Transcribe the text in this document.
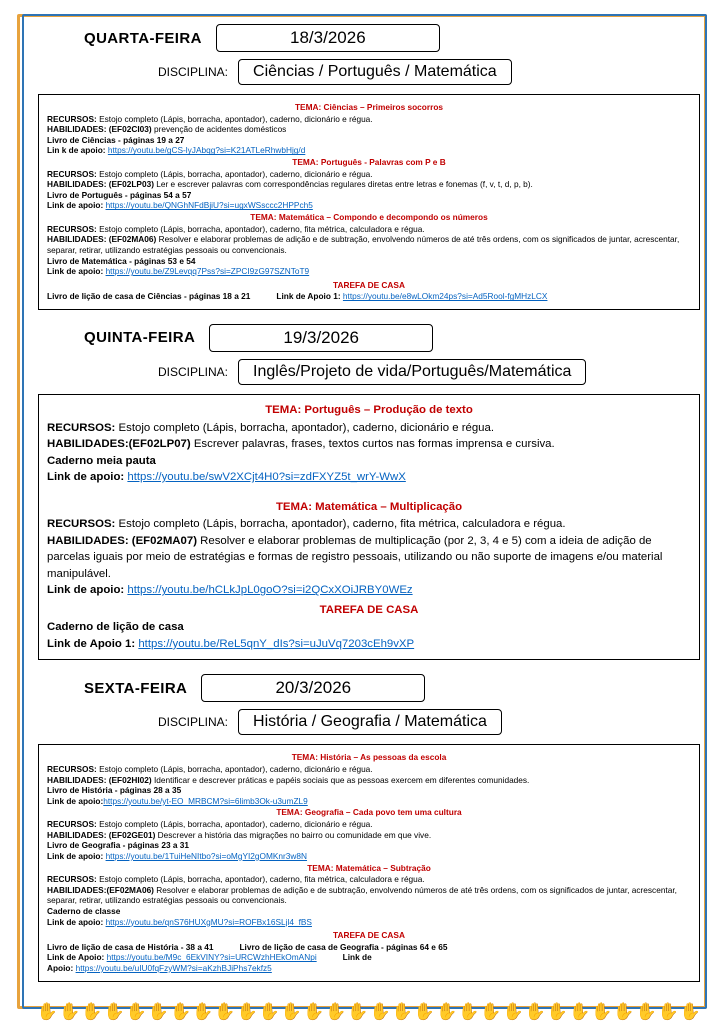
QUARTA-FEIRA	18/3/2026
DISCIPLINA:	Ciências / Português / Matemática
TEMA: Ciências – Primeiros socorros

RECURSOS: Estojo completo (Lápis, borracha, apontador), caderno, dicionário e régua.

HABILIDADES: (EF02CI03) prevenção de acidentes domésticos

Livro de Ciências - páginas 19 a 27

Lin k de apoio: https://youtu.be/gCS-lyJAbqg?si=K21ATLeRhwbHjg/d

TEMA: Português - Palavras com P e B

RECURSOS: Estojo completo (Lápis, borracha, apontador), caderno, dicionário e régua.

HABILIDADES: (EF02LP03) Ler e escrever palavras com correspondências regulares diretas entre letras e fonemas (f, v, t, d, p, b).

Livro de Português - páginas 54 a 57

Link de apoio: https://youtu.be/QNGhNFdBjiU?si=ugxWSsccc2HPPch5

TEMA: Matemática – Compondo e decompondo os números

RECURSOS: Estojo completo (Lápis, borracha, apontador), caderno, fita métrica, calculadora e régua.

HABILIDADES: (EF02MA06) Resolver e elaborar problemas de adição e de subtração, envolvendo números de até três ordens, com os significados de juntar, acrescentar, separar, retirar, utilizando estratégias pessoais ou convencionais.

Livro de Matemática - páginas 53 e 54

Link de apoio: https://youtu.be/Z9Levqq7Pss?si=ZPCI9zG97SZNToT9

TAREFA DE CASA

Livro de lição de casa de Ciências - páginas 18 a 21	Link de Apoio 1: https://youtu.be/e8wLOkm24ps?si=Ad5Rool-fgMHzLCX

QUINTA-FEIRA	19/3/2026
DISCIPLINA:	Inglês/Projeto de vida/Português/Matemática
TEMA: Português – Produção de texto

RECURSOS: Estojo completo (Lápis, borracha, apontador), caderno, dicionário e régua.

HABILIDADES:(EF02LP07) Escrever palavras, frases, textos curtos nas formas imprensa e cursiva.

Caderno meia pauta

Link de apoio: https://youtu.be/swV2XCjt4H0?si=zdFXYZ5t_wrY-WwX

TEMA: Matemática – Multiplicação

RECURSOS: Estojo completo (Lápis, borracha, apontador), caderno, fita métrica, calculadora e régua.

HABILIDADES: (EF02MA07) Resolver e elaborar problemas de multiplicação (por 2, 3, 4 e 5) com a ideia de adição de parcelas iguais por meio de estratégias e formas de registro pessoais, utilizando ou não suporte de imagens e/ou material manipulável.

Link de apoio: https://youtu.be/hCLkJpL0goO?si=i2QCxXOiJRBY0WEz

TAREFA DE CASA

Caderno de lição de casa

Link de Apoio 1: https://youtu.be/ReL5qnY_dIs?si=uJuVq7203cEh9vXP

SEXTA-FEIRA	20/3/2026
DISCIPLINA:	História / Geografia / Matemática
TEMA: História – As pessoas da escola

RECURSOS: Estojo completo (Lápis, borracha, apontador), caderno, dicionário e régua.

HABILIDADES: (EF02HI02) Identificar e descrever práticas e papéis sociais que as pessoas exercem em diferentes comunidades.

Livro de História - páginas 28 a 35

Link de apoio:https://youtu.be/yt-EO_MRBCM?si=6limb3Ok-u3umZL9

TEMA: Geografia – Cada povo tem uma cultura

RECURSOS: Estojo completo (Lápis, borracha, apontador), caderno, dicionário e régua.

HABILIDADES: (EF02GE01) Descrever a história das migrações no bairro ou comunidade em que vive.

Livro de Geografia - páginas 23 a 31

Link de apoio: https://youtu.be/1TuiHeNItbo?si=oMgYI2gOMKnr3w8N

TEMA: Matemática – Subtração

RECURSOS: Estojo completo (Lápis, borracha, apontador), caderno, fita métrica, calculadora e régua.

HABILIDADES:(EF02MA06) Resolver e elaborar problemas de adição e de subtração, envolvendo números de até três ordens, com os significados de juntar, acrescentar, separar, retirar, utilizando estratégias pessoais ou convencionais.

Caderno de classe

Link de apoio: https://youtu.be/qnS76HUXgMU?si=ROFBx16SLjl4_fBS

TAREFA DE CASA

Livro de lição de casa de História - 38 a 41	Livro de lição de casa de Geografia - páginas 64 e 65

Link de Apoio: https://youtu.be/M9c_6EkVINY?si=URCWzhHEkOmANpi	Link de

Apoio: https://youtu.be/uIU0fqFzyWM?si=aKzhBJiPhs7ekfz5

✋ ✋ ✋ ✋ ✋ ✋ ✋ ✋ ✋ ✋ ✋ ✋ ✋ ✋ ✋ ✋ ✋ ✋ ✋ ✋ ✋ ✋ ✋ ✋ ✋ ✋ ✋ ✋ ✋ ✋
